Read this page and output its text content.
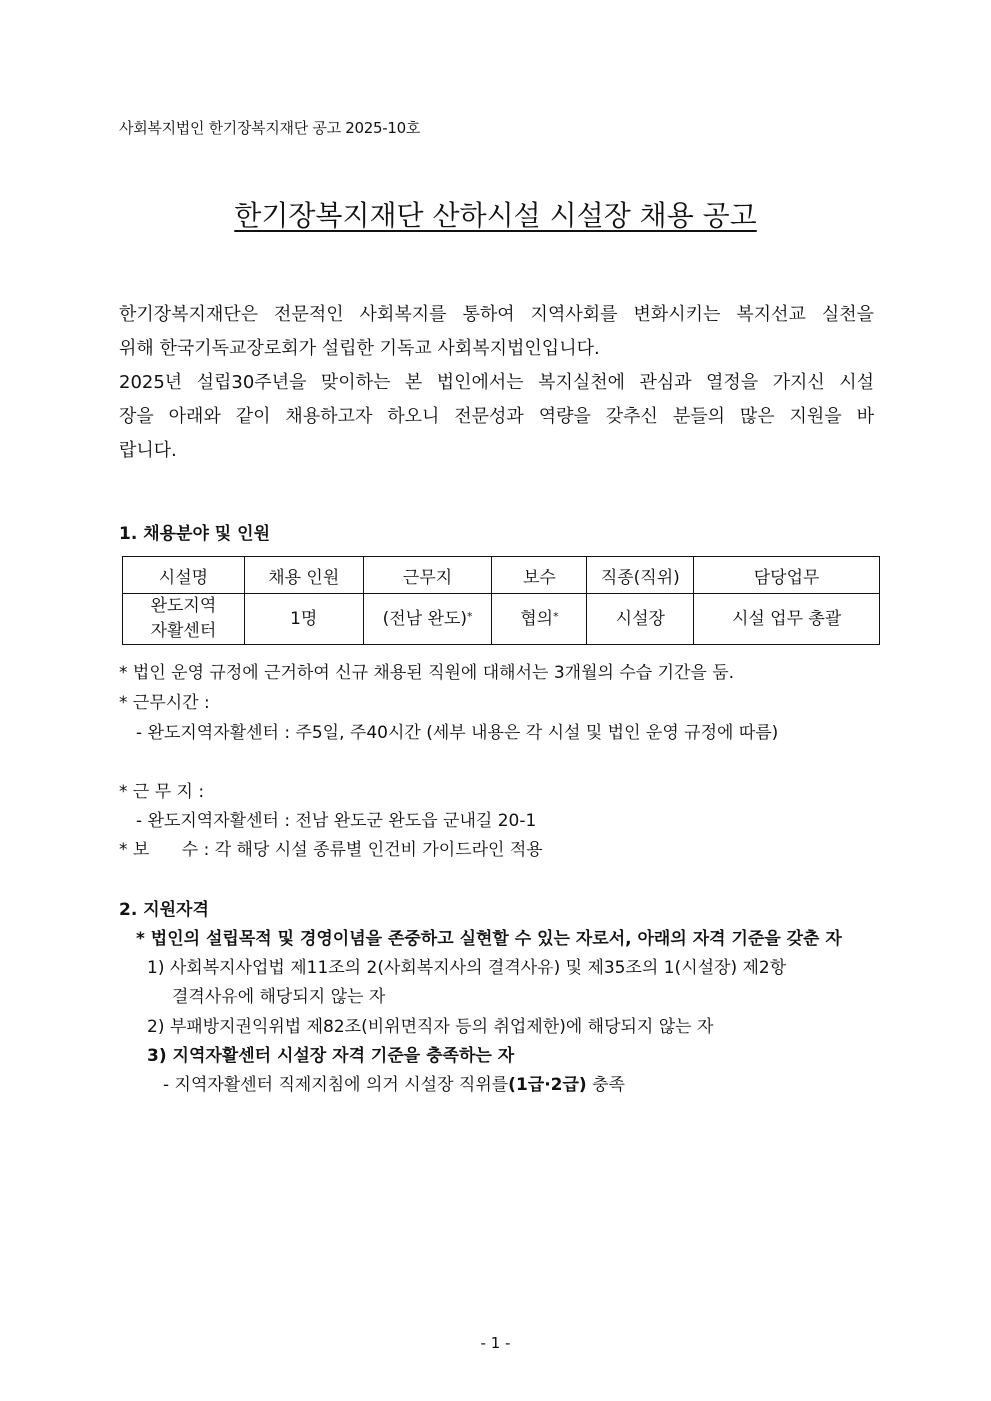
사회복지법인 한기장복지재단 공고 2025-10호
한기장복지재단 산하시설 시설장 채용 공고

한기장복지재단은 전문적인 사회복지를 통하여 지역사회를 변화시키는 복지선교 실천을

위해 한국기독교장로회가 설립한 기독교 사회복지법인입니다.

2025년 설립30주년을 맞이하는 본 법인에서는 복지실천에 관심과 열정을 가지신 시설

장을 아래와 같이 채용하고자 하오니 전문성과 역량을 갖추신 분들의 많은 지원을 바

랍니다.

1. 채용분야 및 인원
시설명	채용 인원	근무지	보수	직종(직위)	담당업무

완도지역
자활센터	1명	(전남 완도)*	협의*	시설장	시설 업무 총괄
* 법인 운영 규정에 근거하여 신규 채용된 직원에 대해서는 3개월의 수습 기간을 둠.
* 근무시간 :
- 완도지역자활센터 : 주5일, 주40시간 (세부 내용은 각 시설 및 법인 운영 규정에 따름)
* 근 무 지 :
- 완도지역자활센터 : 전남 완도군 완도읍 군내길 20-1
* 보      수 : 각 해당 시설 종류별 인건비 가이드라인 적용
2. 지원자격
* 법인의 설립목적 및 경영이념을 존중하고 실현할 수 있는 자로서, 아래의 자격 기준을 갖춘 자
1) 사회복지사업법 제11조의 2(사회복지사의 결격사유) 및 제35조의 1(시설장) 제2항
결격사유에 해당되지 않는 자
2) 부패방지권익위법 제82조(비위면직자 등의 취업제한)에 해당되지 않는 자
3) 지역자활센터 시설장 자격 기준을 충족하는 자
- 지역자활센터 직제지침에 의거 시설장 직위를(1급·2급) 충족
- 1 -
